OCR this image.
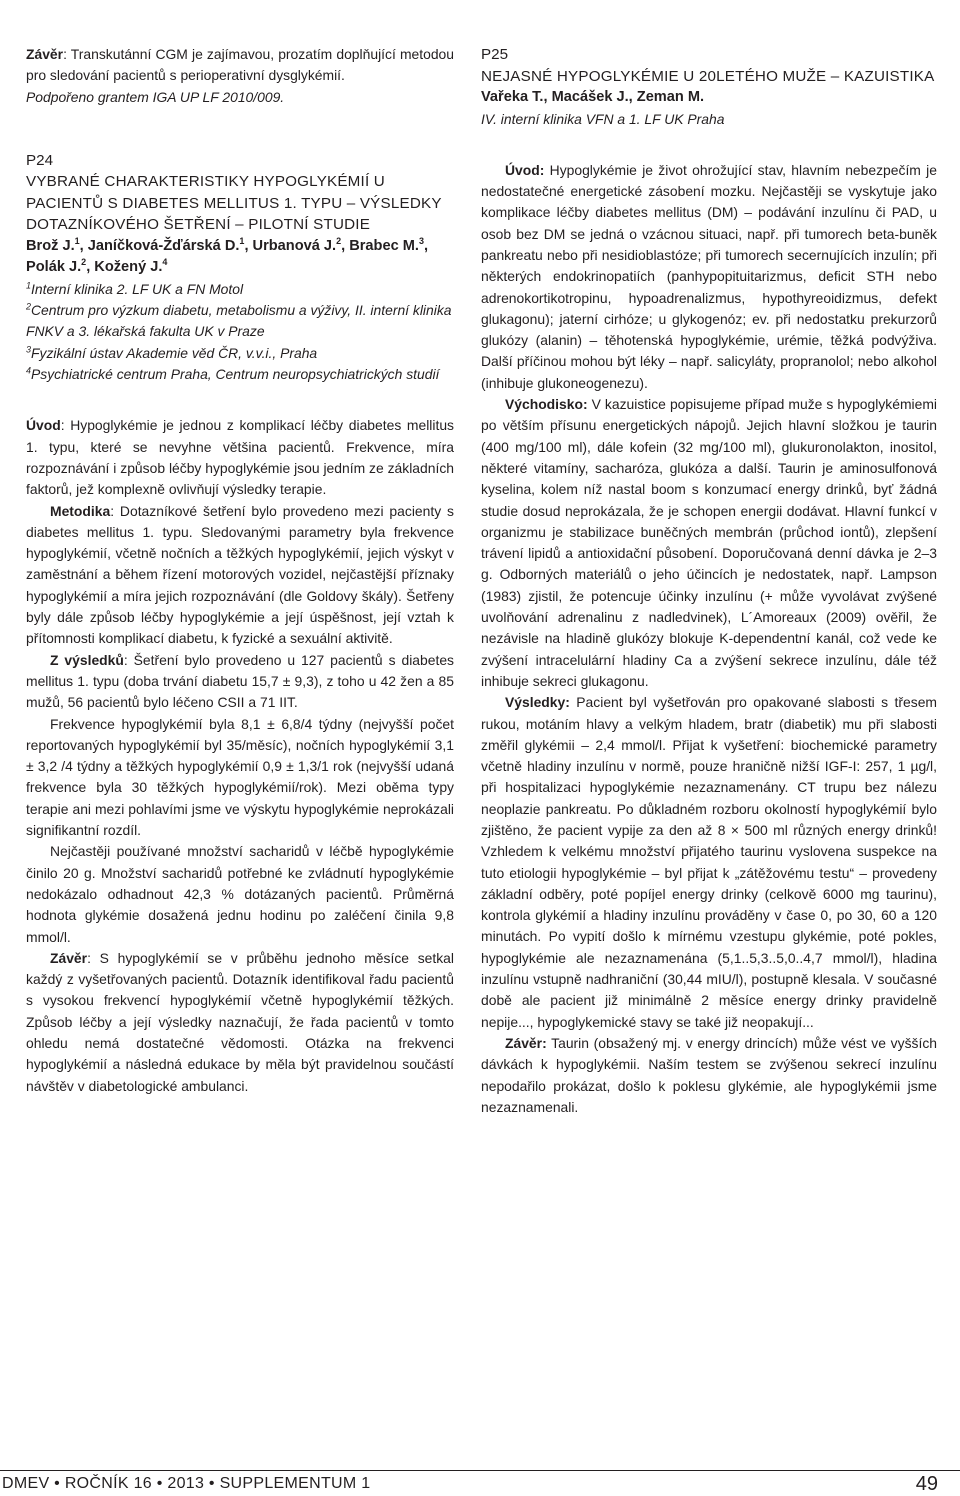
Závěr: Transkutánní CGM je zajímavou, prozatím doplňující metodou pro sledování pacientů s perioperativní dysglykémií.

Podpořeno grantem IGA UP LF 2010/009.

P24

VYBRANÉ CHARAKTERISTIKY HYPOGLYKÉMIÍ U PACIENTŮ S DIABETES MELLITUS 1. TYPU – VÝSLEDKY DOTAZNÍKOVÉHO ŠETŘENÍ – PILOTNÍ STUDIE

Brož J.$^1$, Janíčková-Žďárská D.$^1$, Urbanová J.$^2$, Brabec M.$^3$, Polák J.$^2$, Kožený J.$^4$

$^1$Interní klinika 2. LF UK a FN Motol

$^2$Centrum pro výzkum diabetu, metabolismu a výživy, II. interní klinika FNKV a 3. lékařská fakulta UK v Praze

$^3$Fyzikální ústav Akademie věd ČR, v.v.i., Praha

$^4$Psychiatrické centrum Praha, Centrum neuropsychiatrických studií

Úvod: Hypoglykémie je jednou z komplikací léčby diabetes mellitus 1. typu, které se nevyhne většina pacientů. Frekvence, míra rozpoznávání i způsob léčby hypoglykémie jsou jedním ze základních faktorů, jež komplexně ovlivňují výsledky terapie.

Metodika: Dotazníkové šetření bylo provedeno mezi pacienty s diabetes mellitus 1. typu. Sledovanými parametry byla frekvence hypoglykémií, včetně nočních a těžkých hypoglykémií, jejich výskyt v zaměstnání a během řízení motorových vozidel, nejčastější příznaky hypoglykémií a míra jejich rozpoznávání (dle Goldovy škály). Šetřeny byly dále způsob léčby hypoglykémie a její úspěšnost, její vztah k přítomnosti komplikací diabetu, k fyzické a sexuální aktivitě.

Z výsledků: Šetření bylo provedeno u 127 pacientů s diabetes mellitus 1. typu (doba trvání diabetu 15,7 ± 9,3), z toho u 42 žen a 85 mužů, 56 pacientů bylo léčeno CSII a 71 IIT.

Frekvence hypoglykémií byla 8,1 ± 6,8/4 týdny (nejvyšší počet reportovaných hypoglykémií byl 35/měsíc), nočních hypoglykémií 3,1 ± 3,2 /4 týdny a těžkých hypoglykémií 0,9 ± 1,3/1 rok (nejvyšší udaná frekvence byla 30 těžkých hypoglykémií/rok). Mezi oběma typy terapie ani mezi pohlavími jsme ve výskytu hypoglykémie neprokázali signifikantní rozdíl.

Nejčastěji používané množství sacharidů v léčbě hypoglykémie činilo 20 g. Množství sacharidů potřebné ke zvládnutí hypoglykémie nedokázalo odhadnout 42,3 % dotázaných pacientů. Průměrná hodnota glykémie dosažená jednu hodinu po zaléčení činila 9,8 mmol/l.

Závěr: S hypoglykémií se v průběhu jednoho měsíce setkal každý z vyšetřovaných pacientů. Dotazník identifikoval řadu pacientů s vysokou frekvencí hypoglykémií včetně hypoglykémií těžkých. Způsob léčby a její výsledky naznačují, že řada pacientů v tomto ohledu nemá dostatečné vědomosti. Otázka na frekvenci hypoglykémií a následná edukace by měla být pravidelnou součástí návštěv v diabetologické ambulanci.

P25

NEJASNÉ HYPOGLYKÉMIE U 20LETÉHO MUŽE – KAZUISTIKA

Vařeka T., Macášek J., Zeman M.

IV. interní klinika VFN a 1. LF UK Praha

Úvod: Hypoglykémie je život ohrožující stav, hlavním nebezpečím je nedostatečné energetické zásobení mozku. Nejčastěji se vyskytuje jako komplikace léčby diabetes mellitus (DM) – podávání inzulínu či PAD, u osob bez DM se jedná o vzácnou situaci, např. při tumorech beta-buněk pankreatu nebo při nesidioblastóze; při tumorech secernujících inzulín; při některých endokrinopatiích (panhypopituitarizmus, deficit STH nebo adrenokortikotropinu, hypoadrenalizmus, hypothyreoidizmus, defekt glukagonu); jaterní cirhóze; u glykogenóz; ev. při nedostatku prekurzorů glukózy (alanin) – těhotenská hypoglykémie, urémie, těžká podvýživa. Další příčinou mohou být léky – např. salicyláty, propranolol; nebo alkohol (inhibuje glukoneogenezu).

Východisko: V kazuistice popisujeme případ muže s hypoglykémiemi po větším přísunu energetických nápojů. Jejich hlavní složkou je taurin (400 mg/100 ml), dále kofein (32 mg/100 ml), glukuronolakton, inositol, některé vitamíny, sacharóza, glukóza a další. Taurin je aminosulfonová kyselina, kolem níž nastal boom s konzumací energy drinků, byť žádná studie dosud neprokázala, že je schopen energii dodávat. Hlavní funkcí v organizmu je stabilizace buněčných membrán (průchod iontů), zlepšení trávení lipidů a antioxidační působení. Doporučovaná denní dávka je 2–3 g. Odborných materiálů o jeho účincích je nedostatek, např. Lampson (1983) zjistil, že potencuje účinky inzulínu (+ může vyvolávat zvýšené uvolňování adrenalinu z nadledvinek), L´Amoreaux (2009) ověřil, že nezávisle na hladině glukózy blokuje K-dependentní kanál, což vede ke zvýšení intracelulární hladiny Ca a zvýšení sekrece inzulínu, dále též inhibuje sekreci glukagonu.

Výsledky: Pacient byl vyšetřován pro opakované slabosti s třesem rukou, motáním hlavy a velkým hladem, bratr (diabetik) mu při slabosti změřil glykémii – 2,4 mmol/l. Přijat k vyšetření: biochemické parametry včetně hladiny inzulínu v normě, pouze hraničně nižší IGF-I: 257, 1 µg/l, při hospitalizaci hypoglykémie nezaznamenány. CT trupu bez nálezu neoplazie pankreatu. Po důkladném rozboru okolností hypoglykémií bylo zjištěno, že pacient vypije za den až 8 × 500 ml různých energy drinků! Vzhledem k velkému množství přijatého taurinu vyslovena suspekce na tuto etiologii hypoglykémie – byl přijat k „zátěžovému testu“ – provedeny základní odběry, poté popíjel energy drinky (celkově 6000 mg taurinu), kontrola glykémií a hladiny inzulínu prováděny v čase 0, po 30, 60 a 120 minutách. Po vypití došlo k mírnému vzestupu glykémie, poté pokles, hypoglykémie ale nezaznamenána (5,1..5,3..5,0..4,7 mmol/l), hladina inzulínu vstupně nadhraniční (30,44 mIU/l), postupně klesala. V současné době ale pacient již minimálně 2 měsíce energy drinky pravidelně nepije..., hypoglykemické stavy se také již neopakují...

Závěr: Taurin (obsažený mj. v energy drincích) může vést ve vyšších dávkách k hypoglykémii. Naším testem se zvýšenou sekrecí inzulínu nepodařilo prokázat, došlo k poklesu glykémie, ale hypoglykémii jsme nezaznamenali.

DMEV • ROČNÍK 16 • 2013 • SUPPLEMENTUM 1	49
